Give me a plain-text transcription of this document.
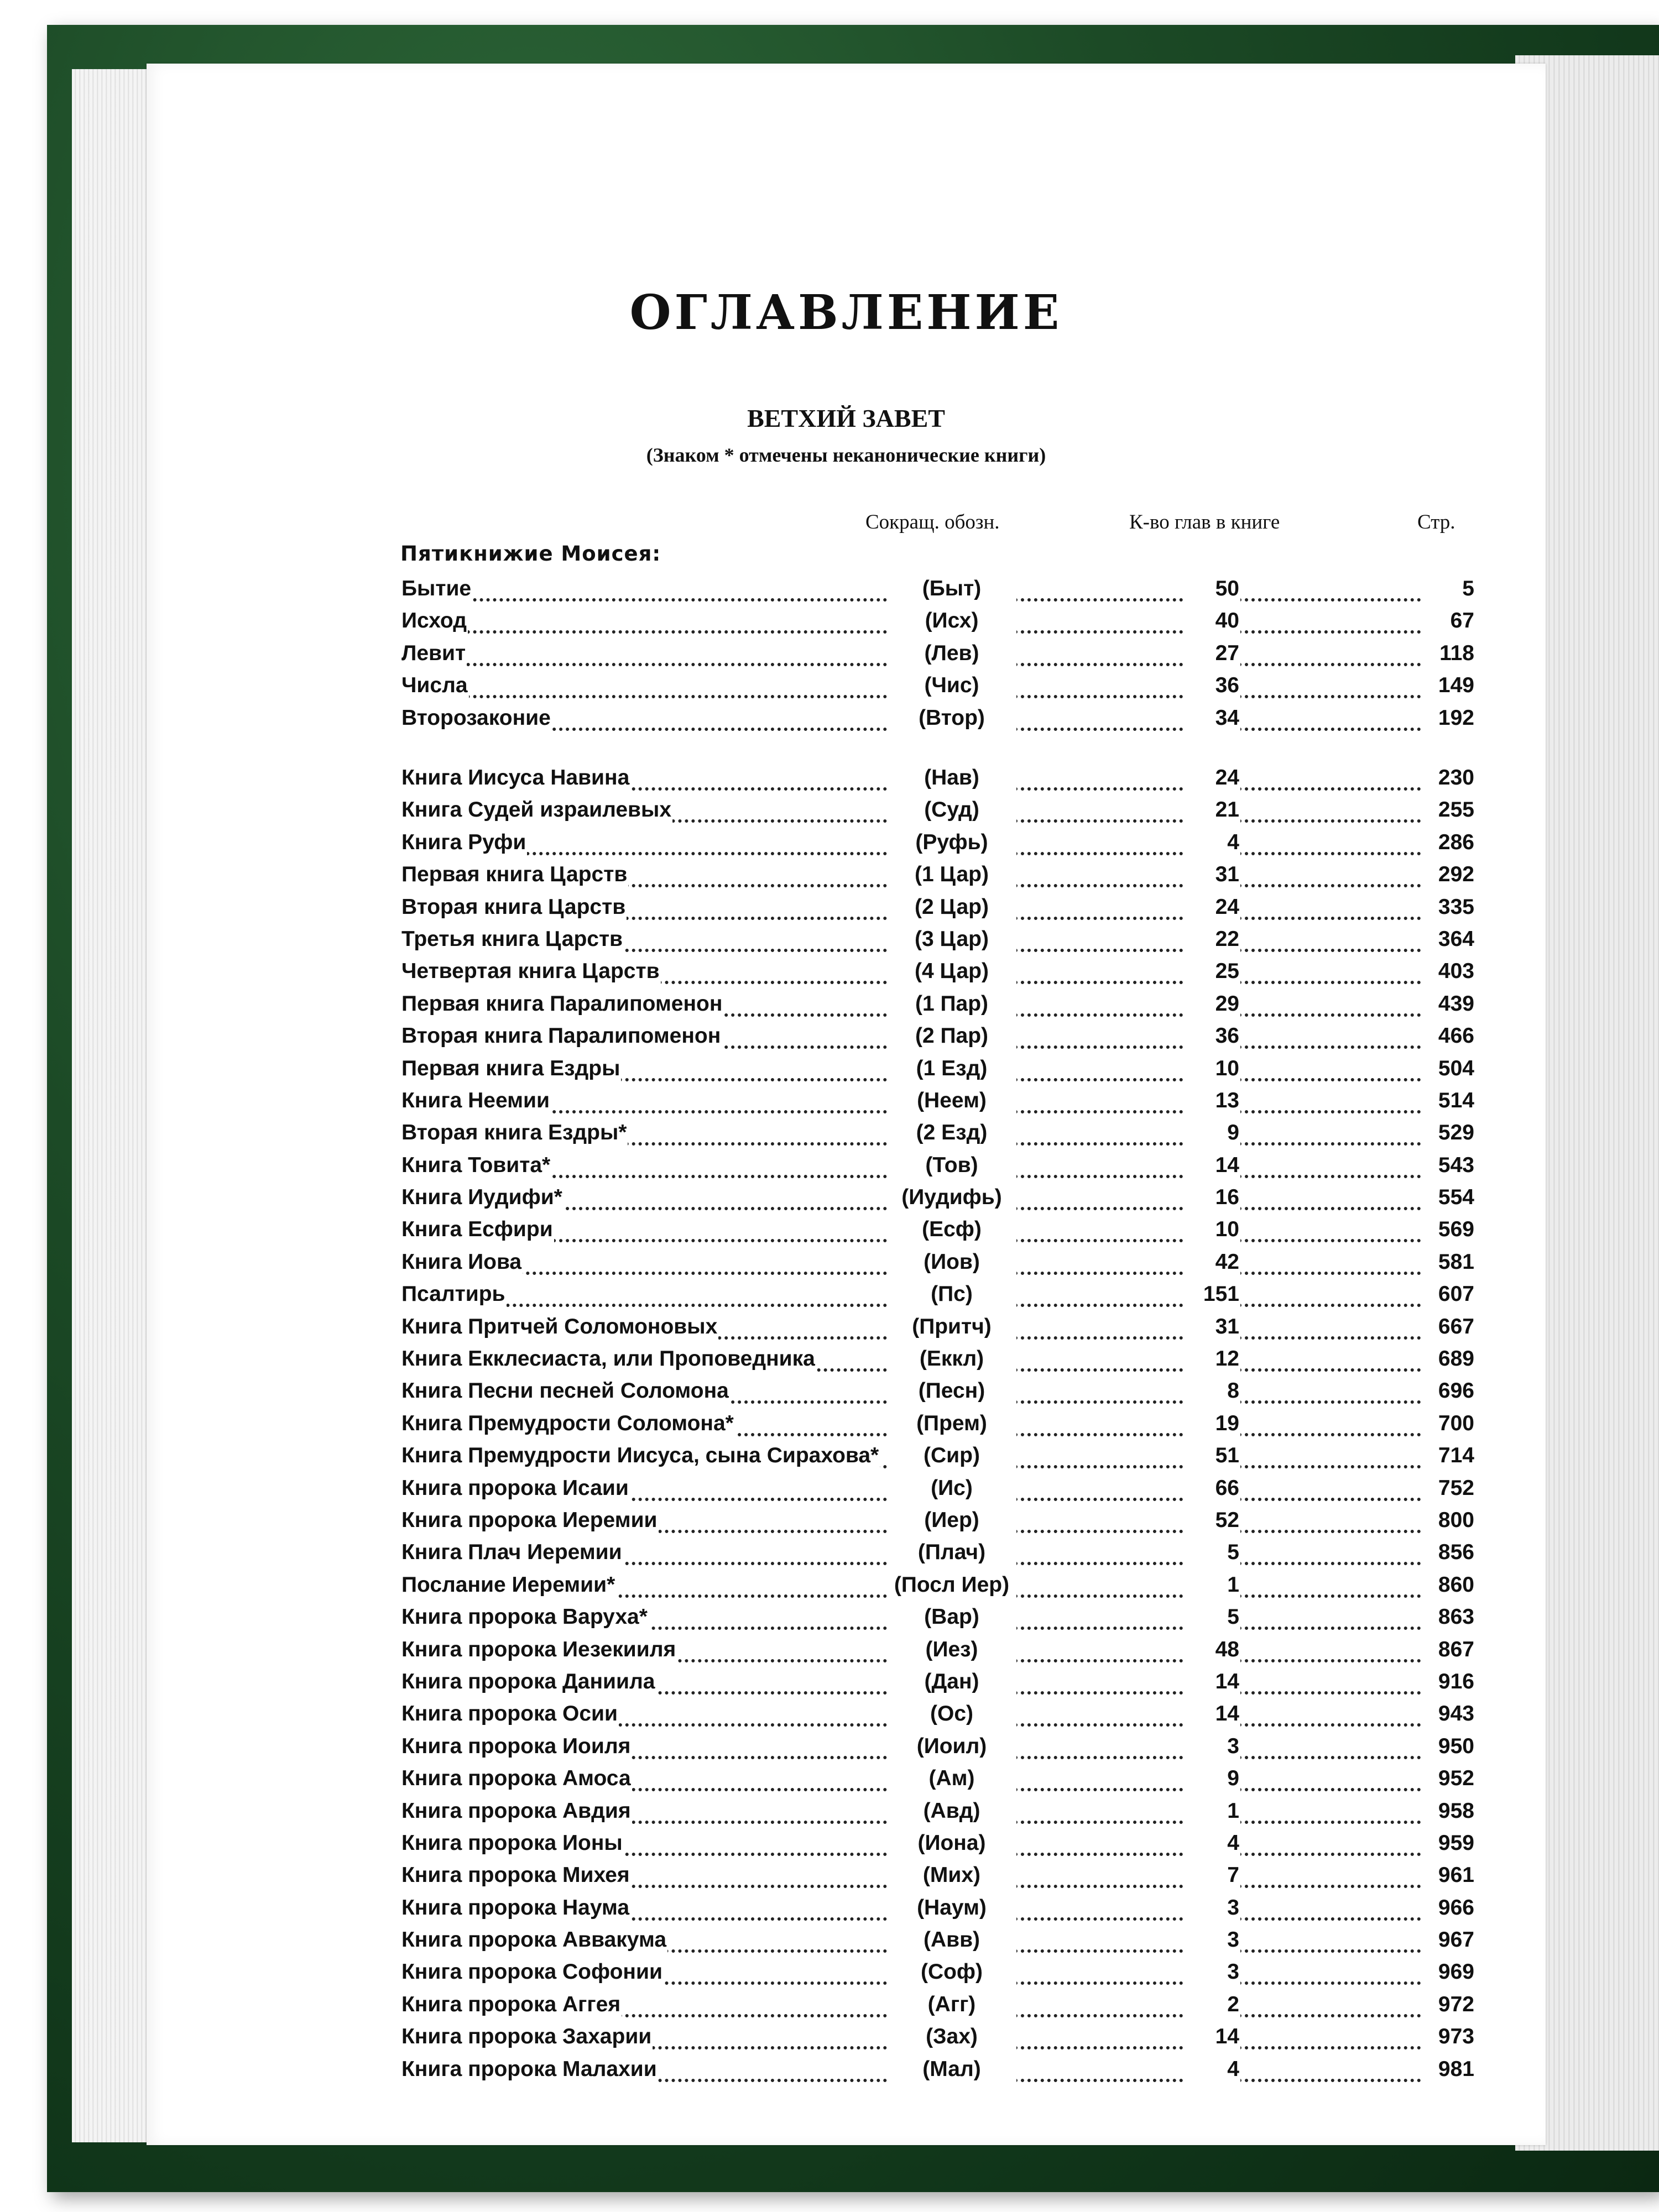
ОГЛАВЛЕНИЕ
ВЕТХИЙ ЗАВЕТ
(Знаком * отмечены неканонические книги)
Сокращ. обозн.	К-во глав в книге	Стр.
Пятикнижие Моисея:
Бытие	(Быт)	50	5
Исход	(Исх)	40	67
Левит	(Лев)	27	118
Числа	(Чис)	36	149
Второзаконие	(Втор)	34	192
Книга Иисуса Навина	(Нав)	24	230
Книга Судей израилевых	(Суд)	21	255
Книга Руфи	(Руфь)	4	286
Первая книга Царств	(1 Цар)	31	292
Вторая книга Царств	(2 Цар)	24	335
Третья книга Царств	(3 Цар)	22	364
Четвертая книга Царств	(4 Цар)	25	403
Первая книга Паралипоменон	(1 Пар)	29	439
Вторая книга Паралипоменон	(2 Пар)	36	466
Первая книга Ездры	(1 Езд)	10	504
Книга Неемии	(Неем)	13	514
Вторая книга Ездры*	(2 Езд)	9	529
Книга Товита*	(Тов)	14	543
Книга Иудифи*	(Иудифь)	16	554
Книга Есфири	(Есф)	10	569
Книга Иова	(Иов)	42	581
Псалтирь	(Пс)	151	607
Книга Притчей Соломоновых	(Притч)	31	667
Книга Екклесиаста, или Проповедника	(Еккл)	12	689
Книга Песни песней Соломона	(Песн)	8	696
Книга Премудрости Соломона*	(Прем)	19	700
Книга Премудрости Иисуса, сына Сирахова*	(Сир)	51	714
Книга пророка Исаии	(Ис)	66	752
Книга пророка Иеремии	(Иер)	52	800
Книга Плач Иеремии	(Плач)	5	856
Послание Иеремии*	(Посл Иер)	1	860
Книга пророка Варуха*	(Вар)	5	863
Книга пророка Иезекииля	(Иез)	48	867
Книга пророка Даниила	(Дан)	14	916
Книга пророка Осии	(Ос)	14	943
Книга пророка Иоиля	(Иоил)	3	950
Книга пророка Амоса	(Ам)	9	952
Книга пророка Авдия	(Авд)	1	958
Книга пророка Ионы	(Иона)	4	959
Книга пророка Михея	(Мих)	7	961
Книга пророка Наума	(Наум)	3	966
Книга пророка Аввакума	(Авв)	3	967
Книга пророка Софонии	(Соф)	3	969
Книга пророка Аггея	(Агг)	2	972
Книга пророка Захарии	(Зах)	14	973
Книга пророка Малахии	(Мал)	4	981
